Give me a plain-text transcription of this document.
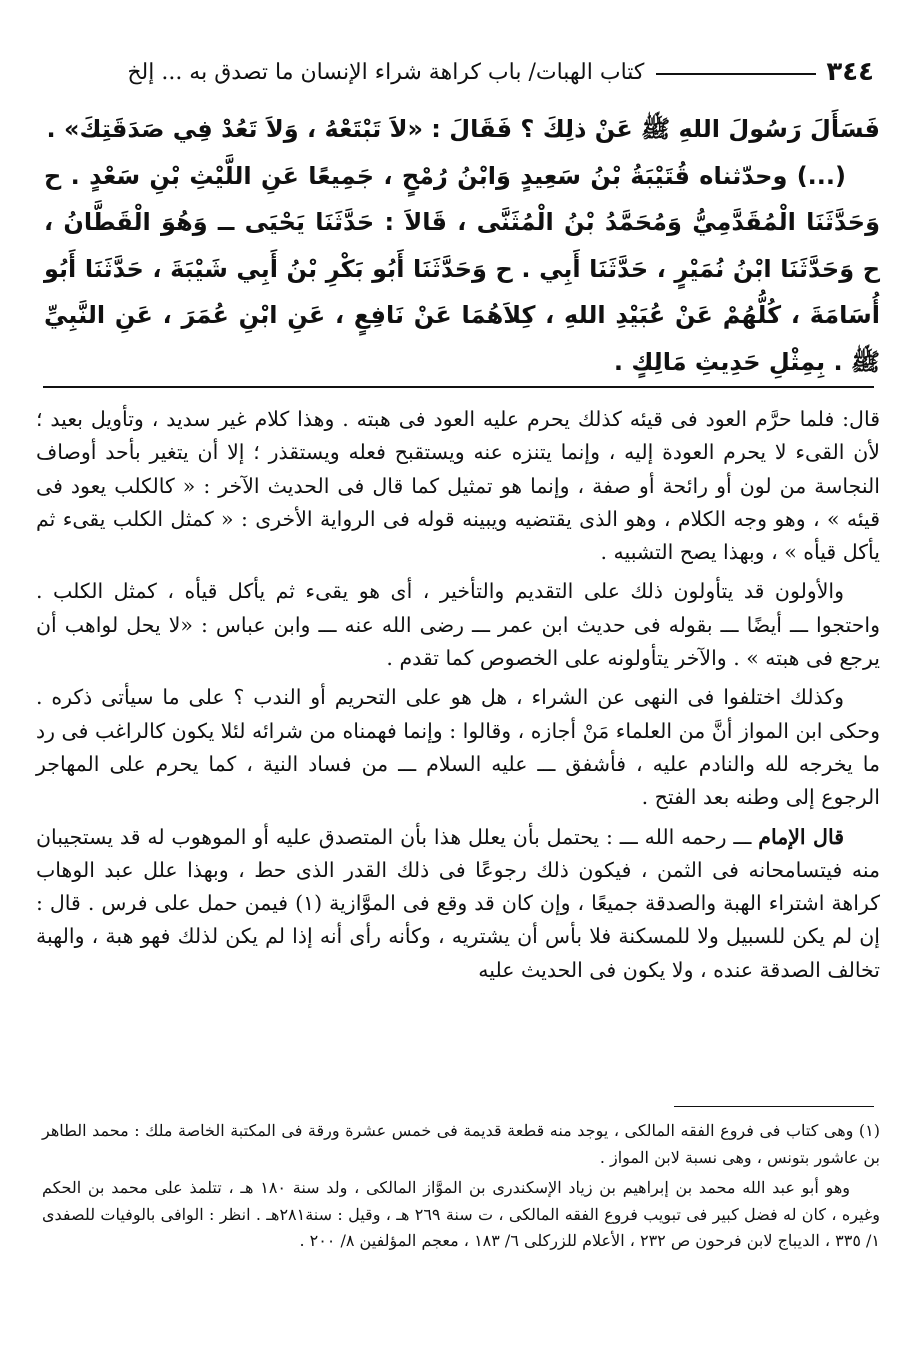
٣٤٤
كتاب الهبات/ باب كراهة شراء الإنسان ما تصدق به ... إلخ

فَسَأَلَ رَسُولَ اللهِ ﷺ عَنْ ذلِكَ ؟ فَقَالَ : «لاَ تَبْتَعْهُ ، وَلاَ تَعُدْ فِي صَدَقَتِكَ» .

(...) وحدّثناه قُتَيْبَةُ بْنُ سَعِيدٍ وَابْنُ رُمْحٍ ، جَمِيعًا عَنِ اللَّيْثِ بْنِ سَعْدٍ . ح وَحَدَّثَنَا الْمُقَدَّمِيُّ وَمُحَمَّدُ بْنُ الْمُثَنَّى ، قَالاَ : حَدَّثَنَا يَحْيَى ــ وَهُوَ الْقَطَّانُ ، ح وَحَدَّثَنَا ابْنُ نُمَيْرٍ ، حَدَّثَنَا أَبِي . ح وَحَدَّثَنَا أَبُو بَكْرِ بْنُ أَبِي شَيْبَةَ ، حَدَّثَنَا أَبُو أُسَامَةَ ، كُلُّهُمْ عَنْ عُبَيْدِ اللهِ ، كِلاَهُمَا عَنْ نَافِعٍ ، عَنِ ابْنِ عُمَرَ ، عَنِ النَّبِيِّ ﷺ . بِمِثْلِ حَدِيثِ مَالِكٍ .

قال: فلما حرَّم العود فى قيئه كذلك يحرم عليه العود فى هبته . وهذا كلام غير سديد ، وتأويل بعيد ؛ لأن القىء لا يحرم العودة إليه ، وإنما يتنزه عنه ويستقبح فعله ويستقذر ؛ إلا أن يتغير بأحد أوصاف النجاسة من لون أو رائحة أو صفة ، وإنما هو تمثيل كما قال فى الحديث الآخر : « كالكلب يعود فى قيئه » ، وهو وجه الكلام ، وهو الذى يقتضيه ويبينه قوله فى الرواية الأخرى : « كمثل الكلب يقىء ثم يأكل قيأه » ، وبهذا يصح التشبيه .

والأولون قد يتأولون ذلك على التقديم والتأخير ، أى هو يقىء ثم يأكل قيأه ، كمثل الكلب . واحتجوا ـــ أيضًا ـــ بقوله فى حديث ابن عمر ـــ رضى الله عنه ـــ وابن عباس : «لا يحل لواهب أن يرجع فى هبته » . والآخر يتأولونه على الخصوص كما تقدم .

وكذلك اختلفوا فى النهى عن الشراء ، هل هو على التحريم أو الندب ؟ على ما سيأتى ذكره . وحكى ابن المواز أنَّ من العلماء مَنْ أجازه ، وقالوا : وإنما فهمناه من شرائه لئلا يكون كالراغب فى رد ما يخرجه لله والنادم عليه ، فأشفق ـــ عليه السلام ـــ من فساد النية ، كما يحرم على المهاجر الرجوع إلى وطنه بعد الفتح .

قال الإمام ـــ رحمه الله ـــ : يحتمل بأن يعلل هذا بأن المتصدق عليه أو الموهوب له قد يستجيبان منه فيتسامحانه فى الثمن ، فيكون ذلك رجوعًا فى ذلك القدر الذى حط ، وبهذا علل عبد الوهاب كراهة اشتراء الهبة والصدقة جميعًا ، وإن كان قد وقع فى الموَّازية (١) فيمن حمل على فرس . قال : إن لم يكن للسبيل ولا للمسكنة فلا بأس أن يشتريه ، وكأنه رأى أنه إذا لم يكن لذلك فهو هبة ، والهبة تخالف الصدقة عنده ، ولا يكون فى الحديث عليه

(١) وهى كتاب فى فروع الفقه المالكى ، يوجد منه قطعة قديمة فى خمس عشرة ورقة فى المكتبة الخاصة ملك : محمد الطاهر بن عاشور بتونس ، وهى نسبة لابن المواز .

وهو أبو عبد الله محمد بن إبراهيم بن زياد الإسكندرى بن الموَّاز المالكى ، ولد سنة ١٨٠ هـ ، تتلمذ على محمد بن الحكم وغيره ، كان له فضل كبير فى تبويب فروع الفقه المالكى ، ت سنة ٢٦٩ هـ ، وقيل : سنة٢٨١هـ . انظر : الوافى بالوفيات للصفدى ١/ ٣٣٥ ، الديباج لابن فرحون ص ٢٣٢ ، الأعلام للزركلى ٦/ ١٨٣ ، معجم المؤلفين ٨/ ٢٠٠ .
